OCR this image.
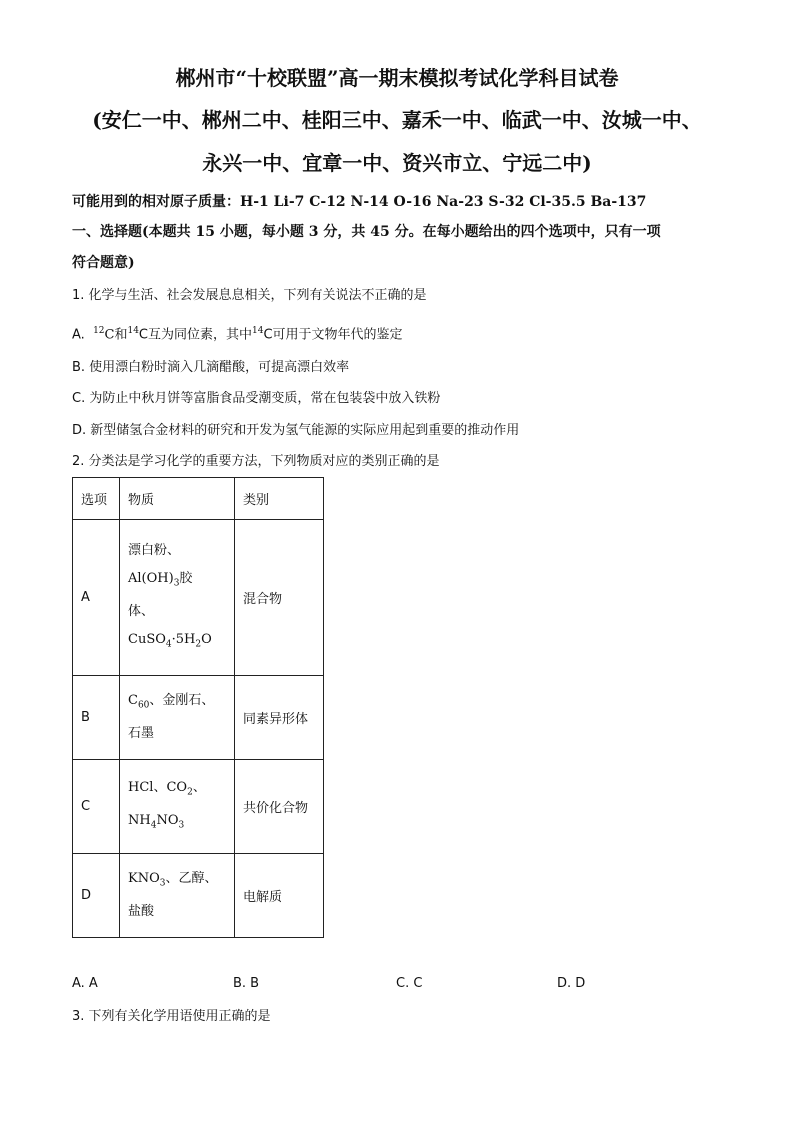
郴州市“十校联盟”高一期末模拟考试化学科目试卷
(安仁一中、郴州二中、桂阳三中、嘉禾一中、临武一中、汝城一中、
永兴一中、宜章一中、资兴市立、宁远二中)
可能用到的相对原子质量：H-1 Li-7 C-12 N-14 O-16 Na-23 S-32 Cl-35.5 Ba-137
一、选择题(本题共 15 小题，每小题 3 分，共 45 分。在每小题给出的四个选项中，只有一项
符合题意)
1. 化学与生活、社会发展息息相关，下列有关说法不正确的是
A. $^{12}$C和$^{14}$C互为同位素，其中$^{14}$C可用于文物年代的鉴定
B. 使用漂白粉时滴入几滴醋酸，可提高漂白效率
C. 为防止中秋月饼等富脂食品受潮变质，常在包装袋中放入铁粉
D. 新型储氢合金材料的研究和开发为氢气能源的实际应用起到重要的推动作用
2. 分类法是学习化学的重要方法，下列物质对应的类别正确的是
选项	物质	类别
A	漂白粉、
$Al(OH)_3$胶
体、
$CuSO_4\cdot 5H_2O$	混合物
B	$C_{60}$、金刚石、
石墨	同素异形体
C	HCl、$CO_2$、
$NH_4NO_3$	共价化合物
D	$KNO_3$、乙醇、
盐酸	电解质
A. A	B. B	C. C	D. D
3. 下列有关化学用语使用正确的是
